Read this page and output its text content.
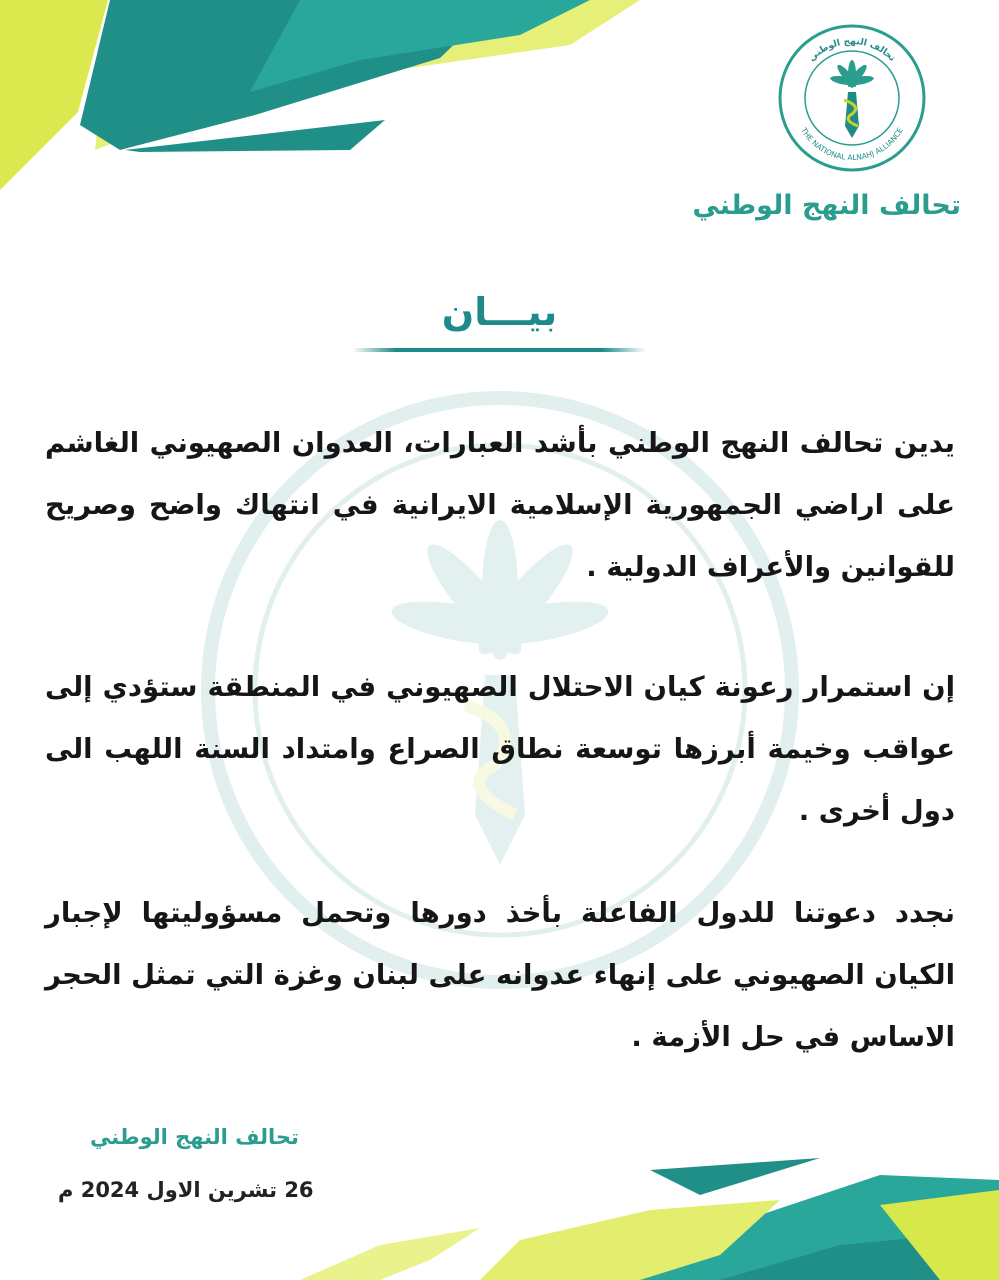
تحالف النهج الوطني
THE NATIONAL ALNAHJ ALLIANCE
تحالف النهج الوطني
بيـــان
يدين تحالف النهج الوطني بأشد العبارات، العدوان الصهيوني الغاشم على اراضي الجمهورية الإسلامية الايرانية في انتهاك واضح وصريح للقوانين والأعراف الدولية .
إن استمرار رعونة كيان الاحتلال الصهيوني في المنطقة ستؤدي إلى عواقب وخيمة أبرزها توسعة نطاق الصراع وامتداد السنة اللهب الى دول أخرى .
نجدد دعوتنا للدول الفاعلة بأخذ دورها وتحمل مسؤوليتها لإجبار الكيان الصهيوني على إنهاء عدوانه على لبنان وغزة التي تمثل الحجر الاساس في حل الأزمة .
تحالف النهج الوطني
26 تشرين الاول 2024 م
